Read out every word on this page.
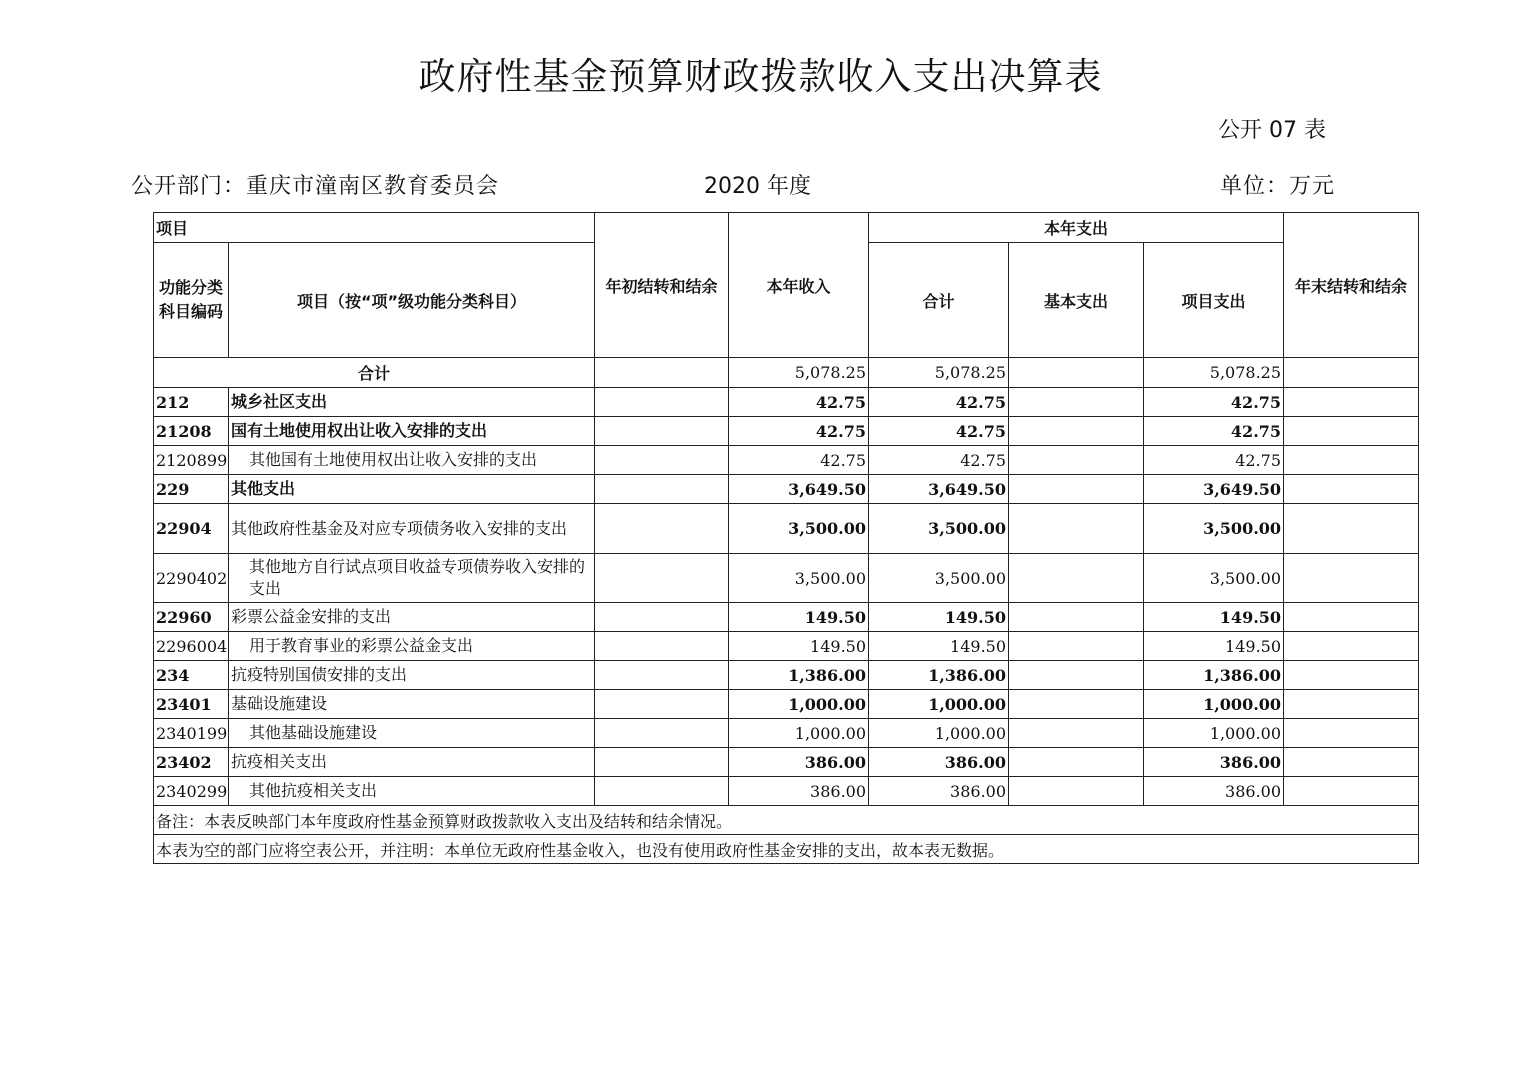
政府性基金预算财政拨款收入支出决算表
公开 07 表
公开部门：重庆市潼南区教育委员会	2020 年度	单位：万元
项目		年初结转和结余	本年收入	本年支出			年末结转和结余
功能分类科目编码	项目（按“项”级功能分类科目）			合计	基本支出	项目支出	
合计			5,078.25	5,078.25		5,078.25	
212	城乡社区支出		42.75	42.75		42.75	
21208	国有土地使用权出让收入安排的支出		42.75	42.75		42.75	
2120899	其他国有土地使用权出让收入安排的支出		42.75	42.75		42.75	
229	其他支出		3,649.50	3,649.50		3,649.50	
22904	其他政府性基金及对应专项债务收入安排的支出		3,500.00	3,500.00		3,500.00	
2290402	其他地方自行试点项目收益专项债券收入安排的支出		3,500.00	3,500.00		3,500.00	
22960	彩票公益金安排的支出		149.50	149.50		149.50	
2296004	用于教育事业的彩票公益金支出		149.50	149.50		149.50	
234	抗疫特别国债安排的支出		1,386.00	1,386.00		1,386.00	
23401	基础设施建设		1,000.00	1,000.00		1,000.00	
2340199	其他基础设施建设		1,000.00	1,000.00		1,000.00	
23402	抗疫相关支出		386.00	386.00		386.00	
2340299	其他抗疫相关支出		386.00	386.00		386.00	
备注：本表反映部门本年度政府性基金预算财政拨款收入支出及结转和结余情况。							
本表为空的部门应将空表公开，并注明：本单位无政府性基金收入，也没有使用政府性基金安排的支出，故本表无数据。							
